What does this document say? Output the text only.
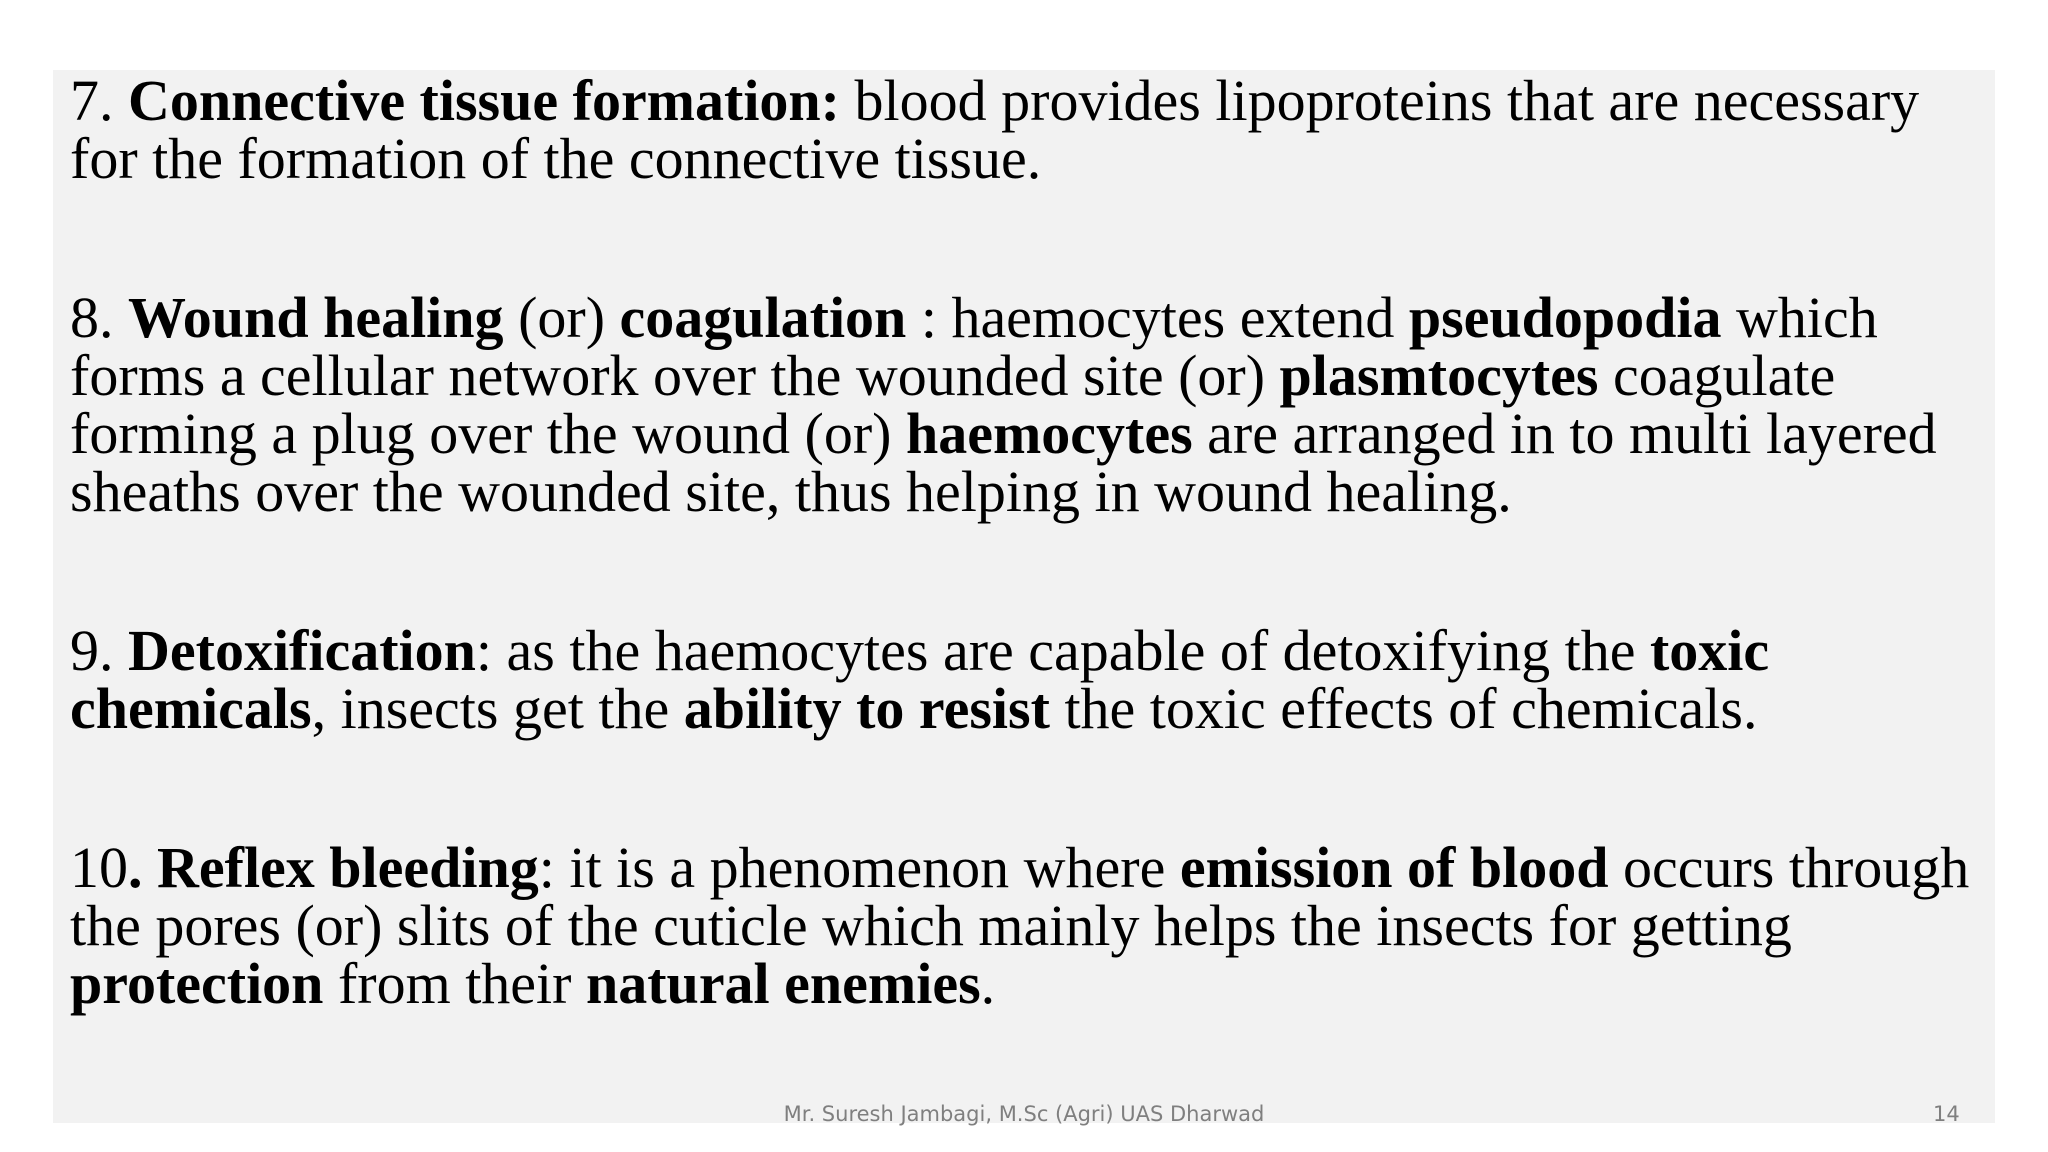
7. Connective tissue formation: blood provides lipoproteins that are necessary for the formation of the connective tissue.

8. Wound healing (or) coagulation : haemocytes extend pseudopodia which forms a cellular network over the wounded site (or) plasmtocytes coagulate forming a plug over the wound (or) haemocytes are arranged in to multi layered sheaths over the wounded site, thus helping in wound healing.

9. Detoxification: as the haemocytes are capable of detoxifying the toxic chemicals, insects get the ability to resist the toxic effects of chemicals.

10. Reflex bleeding: it is a phenomenon where emission of blood occurs through the pores (or) slits of the cuticle which mainly helps the insects for getting protection from their natural enemies.

Mr. Suresh Jambagi, M.Sc (Agri) UAS Dharwad	14
